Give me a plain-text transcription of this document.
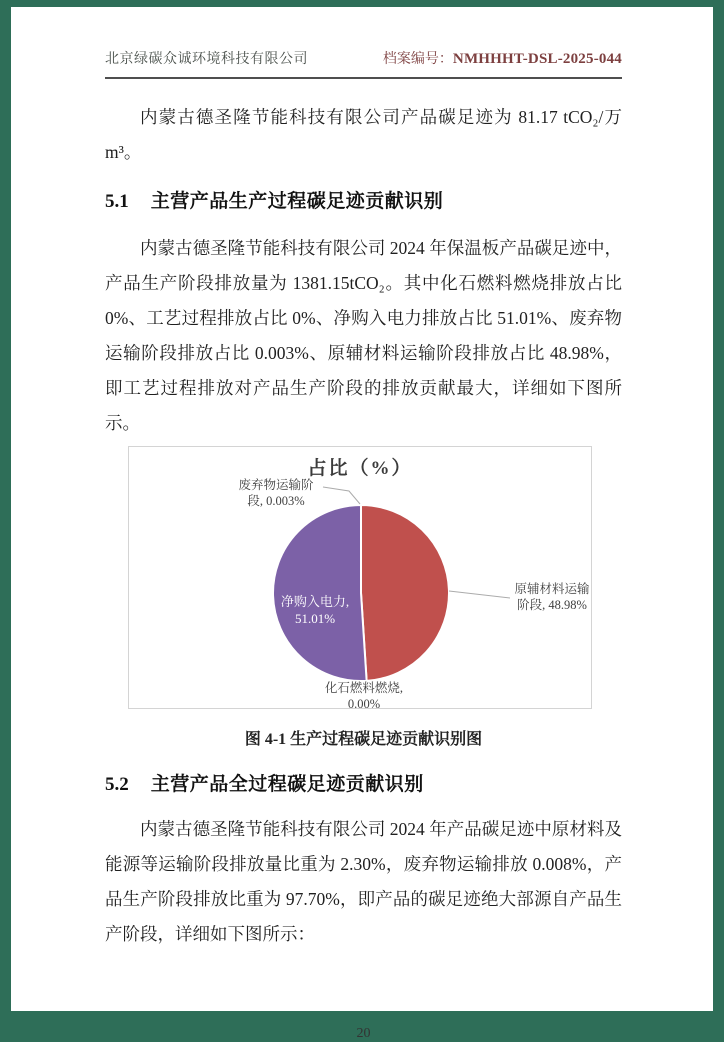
北京绿碳众诚环境科技有限公司	档案编号：NMHHHT-DSL-2025-044

内蒙古德圣隆节能科技有限公司产品碳足迹为 81.17 tCO₂/万 m³。

5.1 主营产品生产过程碳足迹贡献识别

内蒙古德圣隆节能科技有限公司 2024 年保温板产品碳足迹中，产品生产阶段排放量为 1381.15tCO₂。其中化石燃料燃烧排放占比 0%、工艺过程排放占比 0%、净购入电力排放占比 51.01%、废弃物运输阶段排放占比 0.003%、原辅材料运输阶段排放占比 48.98%，即工艺过程排放对产品生产阶段的排放贡献最大，详细如下图所示。

占比（%）
废弃物运输阶
段, 0.003%
净购入电力,
51.01%
原辅材料运输
阶段, 48.98%
化石燃料燃烧,
0.00%
图 4-1 生产过程碳足迹贡献识别图
5.2 主营产品全过程碳足迹贡献识别

内蒙古德圣隆节能科技有限公司 2024 年产品碳足迹中原材料及能源等运输阶段排放量比重为 2.30%，废弃物运输排放 0.008%，产品生产阶段排放比重为 97.70%，即产品的碳足迹绝大部源自产品生产阶段，详细如下图所示：

20
